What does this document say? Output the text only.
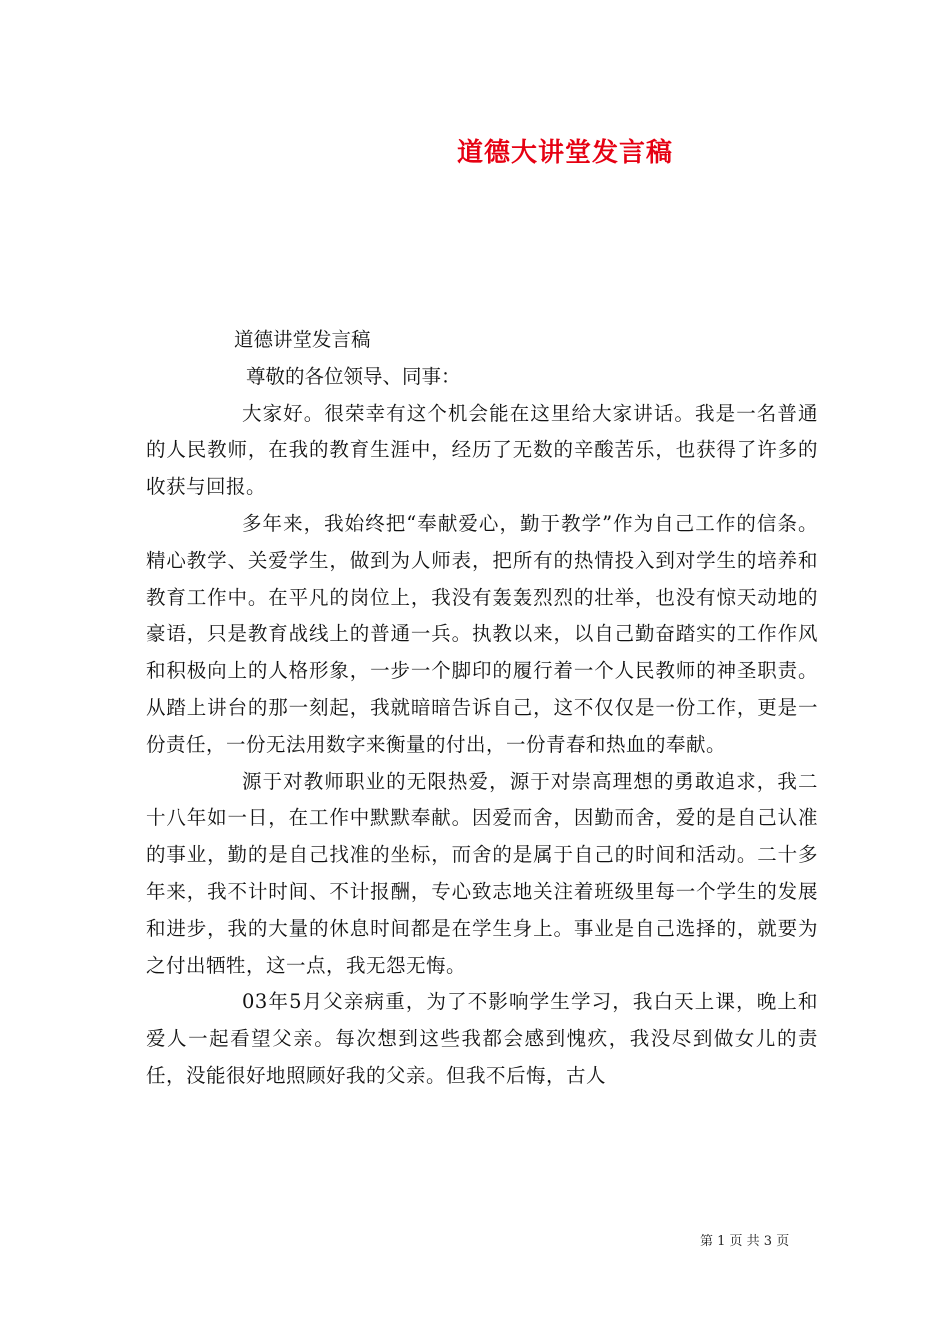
道德大讲堂发言稿

道德讲堂发言稿

尊敬的各位领导、同事：

大家好。很荣幸有这个机会能在这里给大家讲话。我是一名普通的人民教师，在我的教育生涯中，经历了无数的辛酸苦乐，也获得了许多的收获与回报。

多年来，我始终把“奉献爱心，勤于教学”作为自己工作的信条。精心教学、关爱学生，做到为人师表，把所有的热情投入到对学生的培养和教育工作中。在平凡的岗位上，我没有轰轰烈烈的壮举，也没有惊天动地的豪语，只是教育战线上的普通一兵。执教以来，以自己勤奋踏实的工作作风和积极向上的人格形象，一步一个脚印的履行着一个人民教师的神圣职责。从踏上讲台的那一刻起，我就暗暗告诉自己，这不仅仅是一份工作，更是一份责任，一份无法用数字来衡量的付出，一份青春和热血的奉献。

源于对教师职业的无限热爱，源于对崇高理想的勇敢追求，我二十八年如一日，在工作中默默奉献。因爱而舍，因勤而舍，爱的是自己认准的事业，勤的是自己找准的坐标，而舍的是属于自己的时间和活动。二十多年来，我不计时间、不计报酬，专心致志地关注着班级里每一个学生的发展和进步，我的大量的休息时间都是在学生身上。事业是自己选择的，就要为之付出牺牲，这一点，我无怨无悔。

03年5月父亲病重，为了不影响学生学习，我白天上课，晚上和爱人一起看望父亲。每次想到这些我都会感到愧疚，我没尽到做女儿的责任，没能很好地照顾好我的父亲。但我不后悔，古人

第 1 页 共 3 页
